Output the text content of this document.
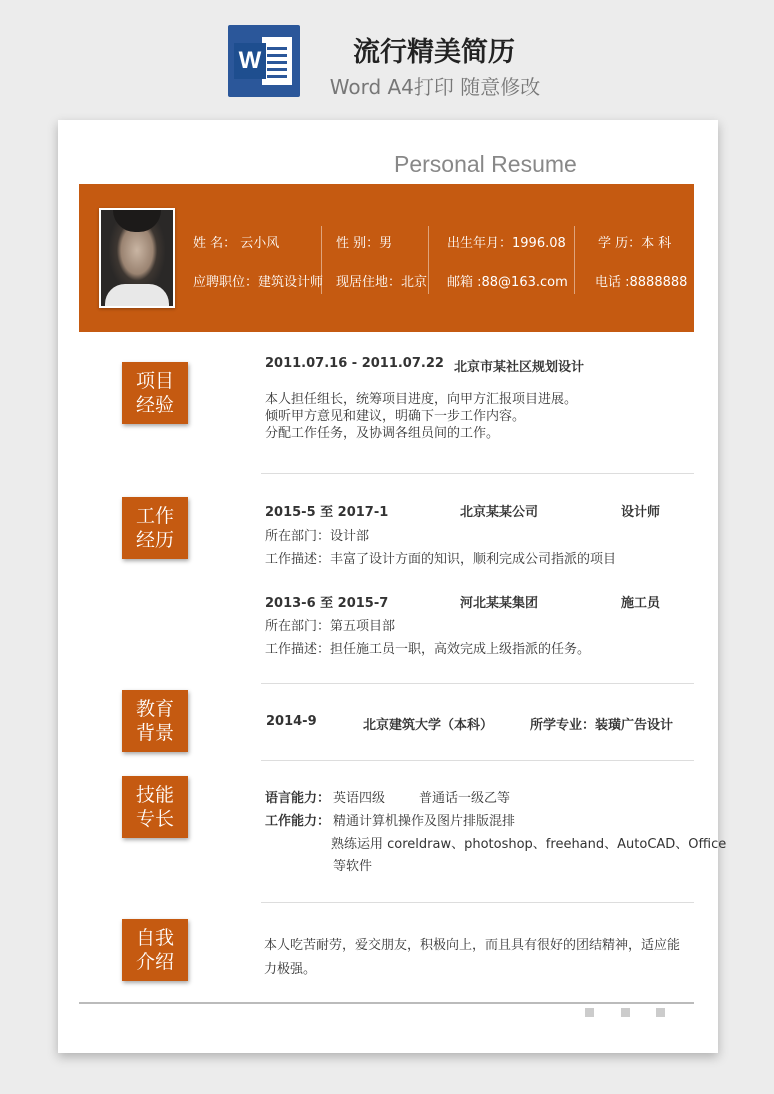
W	流行精美简历
Word A4打印 随意修改
Personal Resume
姓 名： 云小风
应聘职位：建筑设计师
性 别：男
现居住地：北京
出生年月：1996.08
邮箱 :88@163.com
学 历：本 科
电话 :8888888
项目
经验
2011.07.16 - 2011.07.22 北京市某社区规划设计
本人担任组长，统筹项目进度，向甲方汇报项目进展。
倾听甲方意见和建议，明确下一步工作内容。
分配工作任务，及协调各组员间的工作。
工作
经历
2015-5 至 2017-1	北京某某公司	设计师
所在部门：设计部
工作描述：丰富了设计方面的知识，顺利完成公司指派的项目
2013-6 至 2015-7	河北某某集团	施工员
所在部门：第五项目部
工作描述：担任施工员一职，高效完成上级指派的任务。
教育
背景
2014-9	北京建筑大学（本科）	所学专业：装璜广告设计
技能
专长
语言能力： 英语四级	普通话一级乙等
工作能力： 精通计算机操作及图片排版混排
熟练运用 coreldraw、photoshop、freehand、AutoCAD、Office
等软件
自我
介绍
本人吃苦耐劳，爱交朋友，积极向上，而且具有很好的团结精神，适应能
力极强。
